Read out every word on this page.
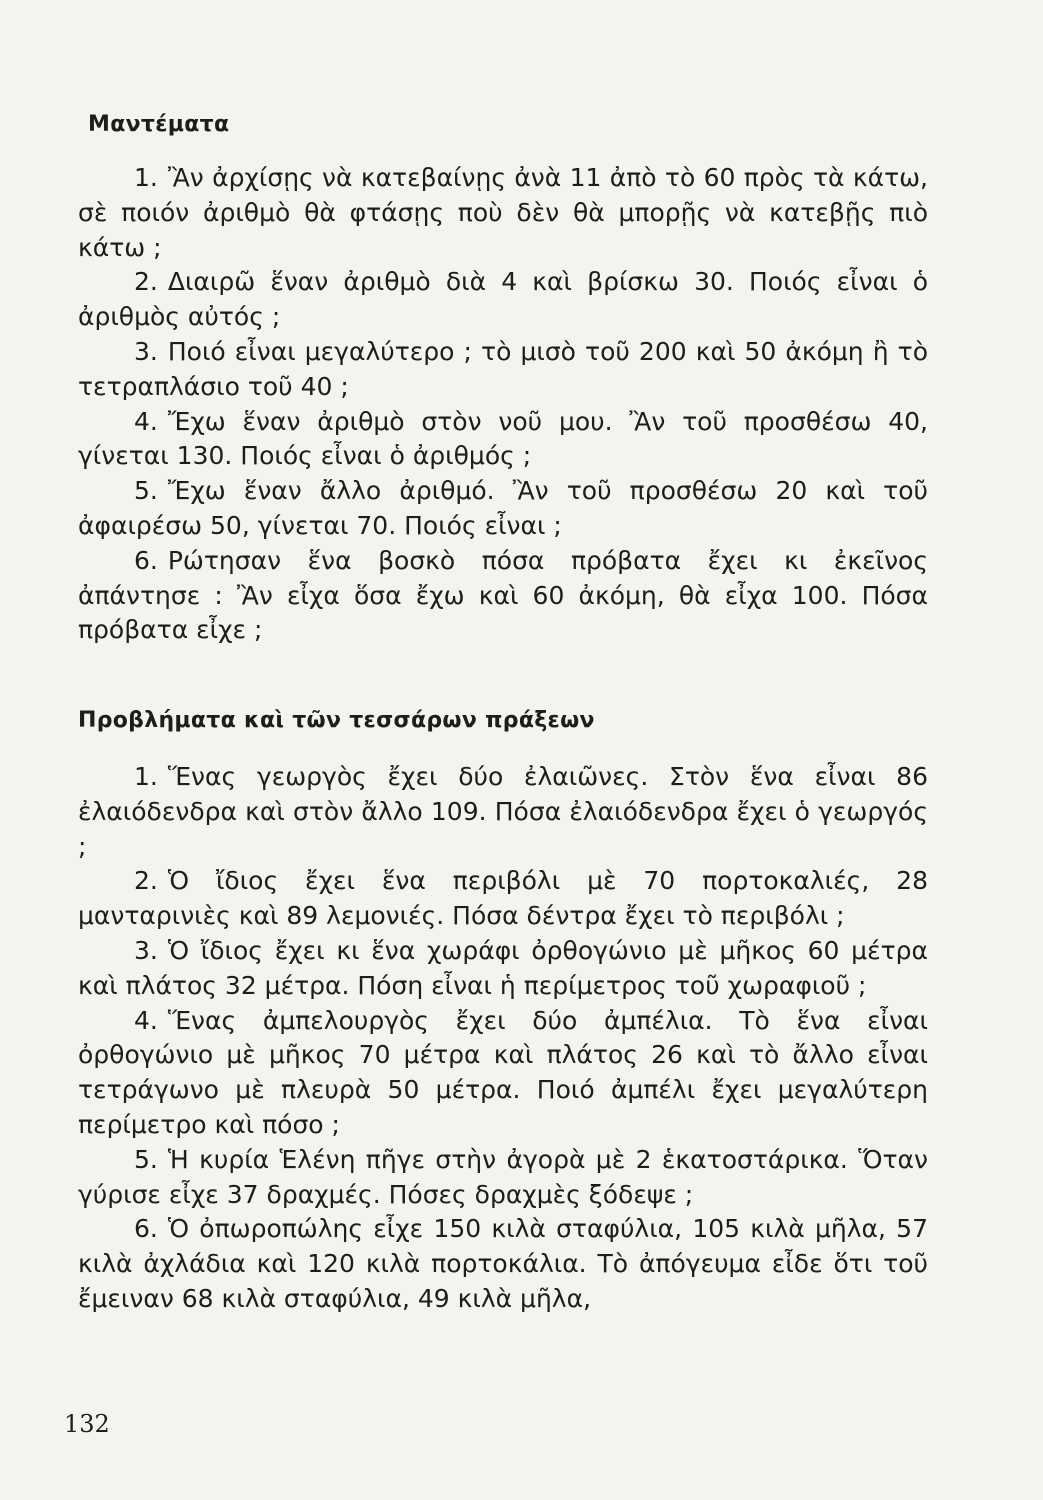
Μαντέματα

1. Ἂν ἀρχίσῃς νὰ κατεβαίνῃς ἀνὰ 11 ἀπὸ τὸ 60 πρὸς τὰ κάτω, σὲ ποιόν ἀριθμὸ θὰ φτάσῃς ποὺ δὲν θὰ μπορῇς νὰ κατεβῇς πιὸ κάτω ;

2. Διαιρῶ ἕναν ἀριθμὸ διὰ 4 καὶ βρίσκω 30. Ποιός εἶναι ὁ ἀριθμὸς αὐτός ;

3. Ποιό εἶναι μεγαλύτερο ; τὸ μισὸ τοῦ 200 καὶ 50 ἀκόμη ἢ τὸ τετραπλάσιο τοῦ 40 ;

4. Ἔχω ἕναν ἀριθμὸ στὸν νοῦ μου. Ἂν τοῦ προσθέσω 40, γίνεται 130. Ποιός εἶναι ὁ ἀριθμός ;

5. Ἔχω ἕναν ἄλλο ἀριθμό. Ἂν τοῦ προσθέσω 20 καὶ τοῦ ἀφαιρέσω 50, γίνεται 70. Ποιός εἶναι ;

6. Ρώτησαν ἕνα βοσκὸ πόσα πρόβατα ἔχει κι ἐκεῖνος ἀπάντησε : Ἂν εἶχα ὅσα ἔχω καὶ 60 ἀκόμη, θὰ εἶχα 100. Πόσα πρόβατα εἶχε ;

Προβλήματα καὶ τῶν τεσσάρων πράξεων

1. Ἕνας γεωργὸς ἔχει δύο ἐλαιῶνες. Στὸν ἕνα εἶναι 86 ἐλαιόδενδρα καὶ στὸν ἄλλο 109. Πόσα ἐλαιόδενδρα ἔχει ὁ γεωργός ;

2. Ὁ ἴδιος ἔχει ἕνα περιβόλι μὲ 70 πορτοκαλιές, 28 μανταρινιὲς καὶ 89 λεμονιές. Πόσα δέντρα ἔχει τὸ περιβόλι ;

3. Ὁ ἴδιος ἔχει κι ἕνα χωράφι ὀρθογώνιο μὲ μῆκος 60 μέτρα καὶ πλάτος 32 μέτρα. Πόση εἶναι ἡ περίμετρος τοῦ χωραφιοῦ ;

4. Ἕνας ἀμπελουργὸς ἔχει δύο ἀμπέλια. Τὸ ἕνα εἶναι ὀρθογώνιο μὲ μῆκος 70 μέτρα καὶ πλάτος 26 καὶ τὸ ἄλλο εἶναι τετράγωνο μὲ πλευρὰ 50 μέτρα. Ποιό ἀμπέλι ἔχει μεγαλύτερη περίμετρο καὶ πόσο ;

5. Ἡ κυρία Ἑλένη πῆγε στὴν ἀγορὰ μὲ 2 ἑκατοστάρικα. Ὅταν γύρισε εἶχε 37 δραχμές. Πόσες δραχμὲς ξόδεψε ;

6. Ὁ ὀπωροπώλης εἶχε 150 κιλὰ σταφύλια, 105 κιλὰ μῆλα, 57 κιλὰ ἀχλάδια καὶ 120 κιλὰ πορτοκάλια. Τὸ ἀπόγευμα εἶδε ὅτι τοῦ ἔμειναν 68 κιλὰ σταφύλια, 49 κιλὰ μῆλα,

132
